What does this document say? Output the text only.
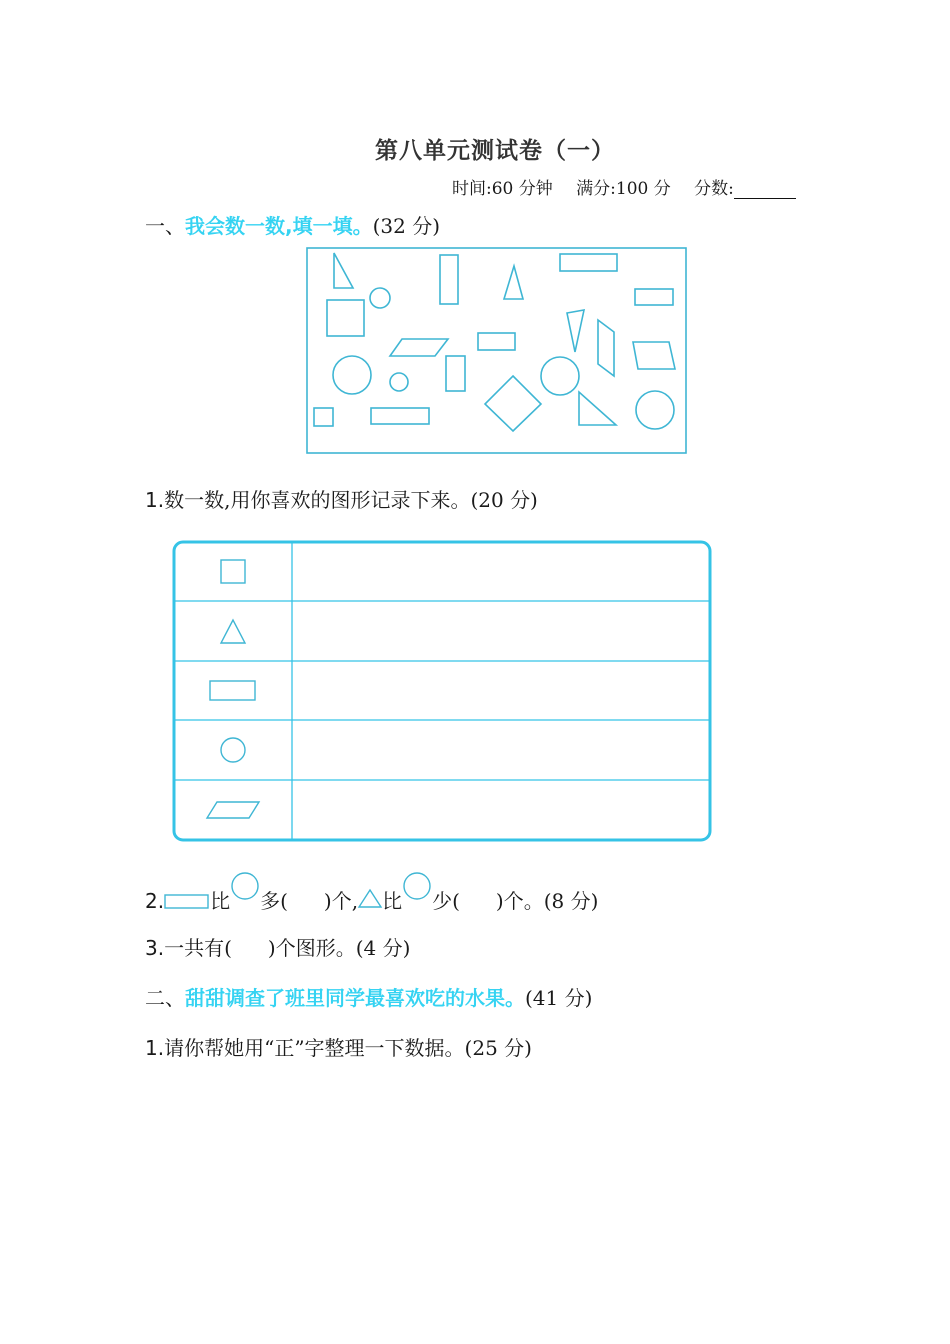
第八单元测试卷（一）
时间:60 分钟 满分:100 分 分数:
一、我会数一数,填一填。(32 分)
1.数一数,用你喜欢的图形记录下来。(20 分)
2. 比 多( )个, 比 少( )个。(8 分)
3.一共有( )个图形。(4 分)
二、甜甜调查了班里同学最喜欢吃的水果。(41 分)
1.请你帮她用“正”字整理一下数据。(25 分)
